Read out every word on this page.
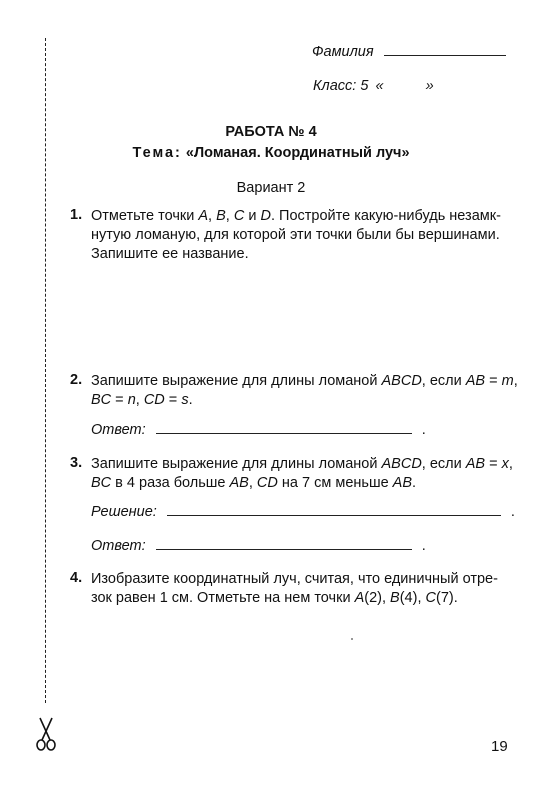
Фамилия
Класс: 5 «	»
РАБОТА № 4
Тема: «Ломаная. Координатный луч»
Вариант 2
1. Отметьте точки A, B, C и D. Постройте какую-нибудь незамк-
нутую ломаную, для которой эти точки были бы вершинами.
Запишите ее название.
2. Запишите выражение для длины ломаной ABCD, если AB = m,
BC = n, CD = s.
Ответ:	.
3. Запишите выражение для длины ломаной ABCD, если AB = x,
BC в 4 раза больше AB, CD на 7 см меньше AB.
Решение:	.
Ответ:	.
4. Изобразите координатный луч, считая, что единичный отре-
зок равен 1 см. Отметьте на нем точки A(2), B(4), C(7).
19
